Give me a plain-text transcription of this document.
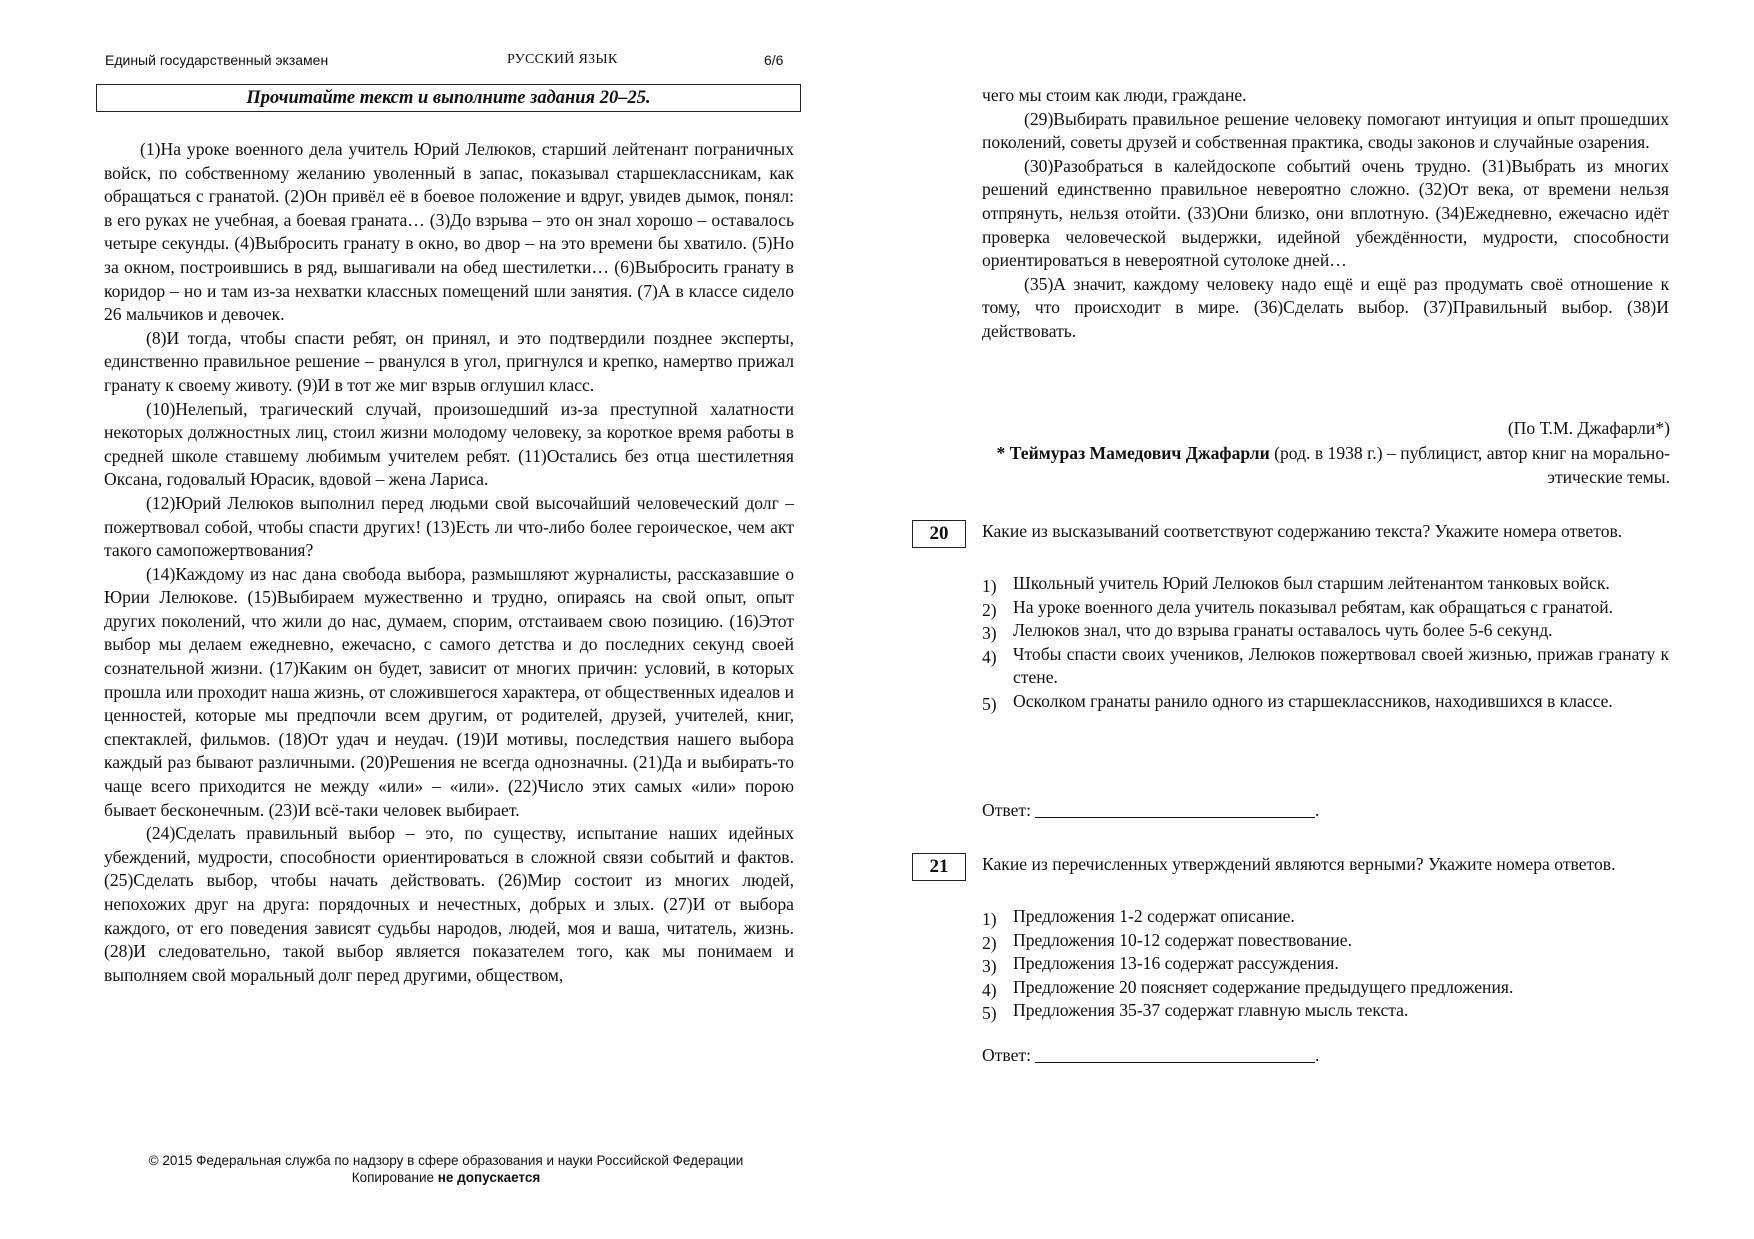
Единый государственный экзамен	РУССКИЙ ЯЗЫК	6/6
Прочитайте текст и выполните задания 20–25.

(1)На уроке военного дела учитель Юрий Лелюков, старший лейтенант пограничных войск, по собственному желанию уволенный в запас, показывал старшеклассникам, как обращаться с гранатой. (2)Он привёл её в боевое положение и вдруг, увидев дымок, понял: в его руках не учебная, а боевая граната… (3)До взрыва – это он знал хорошо – оставалось четыре секунды. (4)Выбросить гранату в окно, во двор – на это времени бы хватило. (5)Но за окном, построившись в ряд, вышагивали на обед шестилетки… (6)Выбросить гранату в коридор – но и там из-за нехватки классных помещений шли занятия. (7)А в классе сидело 26 мальчиков и девочек.

(8)И тогда, чтобы спасти ребят, он принял, и это подтвердили позднее эксперты, единственно правильное решение – рванулся в угол, пригнулся и крепко, намертво прижал гранату к своему животу. (9)И в тот же миг взрыв оглушил класс.

(10)Нелепый, трагический случай, произошедший из-за преступной халатности некоторых должностных лиц, стоил жизни молодому человеку, за короткое время работы в средней школе ставшему любимым учителем ребят. (11)Остались без отца шестилетняя Оксана, годовалый Юрасик, вдовой – жена Лариса.

(12)Юрий Лелюков выполнил перед людьми свой высочайший человеческий долг – пожертвовал собой, чтобы спасти других! (13)Есть ли что-либо более героическое, чем акт такого самопожертвования?

(14)Каждому из нас дана свобода выбора, размышляют журналисты, рассказавшие о Юрии Лелюкове. (15)Выбираем мужественно и трудно, опираясь на свой опыт, опыт других поколений, что жили до нас, думаем, спорим, отстаиваем свою позицию. (16)Этот выбор мы делаем ежедневно, ежечасно, с самого детства и до последних секунд своей сознательной жизни. (17)Каким он будет, зависит от многих причин: условий, в которых прошла или проходит наша жизнь, от сложившегося характера, от общественных идеалов и ценностей, которые мы предпочли всем другим, от родителей, друзей, учителей, книг, спектаклей, фильмов. (18)От удач и неудач. (19)И мотивы, последствия нашего выбора каждый раз бывают различными. (20)Решения не всегда однозначны. (21)Да и выбирать-то чаще всего приходится не между «или» – «или». (22)Число этих самых «или» порою бывает бесконечным. (23)И всё-таки человек выбирает.

(24)Сделать правильный выбор – это, по существу, испытание наших идейных убеждений, мудрости, способности ориентироваться в сложной связи событий и фактов. (25)Сделать выбор, чтобы начать действовать. (26)Мир состоит из многих людей, непохожих друг на друга: порядочных и нечестных, добрых и злых. (27)И от выбора каждого, от его поведения зависят судьбы народов, людей, моя и ваша, читатель, жизнь. (28)И следовательно, такой выбор является показателем того, как мы понимаем и выполняем свой моральный долг перед другими, обществом,

чего мы стоим как люди, граждане.

(29)Выбирать правильное решение человеку помогают интуиция и опыт прошедших поколений, советы друзей и собственная практика, своды законов и случайные озарения.

(30)Разобраться в калейдоскопе событий очень трудно. (31)Выбрать из многих решений единственно правильное невероятно сложно. (32)От века, от времени нельзя отпрянуть, нельзя отойти. (33)Они близко, они вплотную. (34)Ежедневно, ежечасно идёт проверка человеческой выдержки, идейной убеждённости, мудрости, способности ориентироваться в невероятной сутолоке дней…

(35)А значит, каждому человеку надо ещё и ещё раз продумать своё отношение к тому, что происходит в мире. (36)Сделать выбор. (37)Правильный выбор. (38)И действовать.

(По Т.М. Джафарли*)
* Теймураз Мамедович Джафарли (род. в 1938 г.) – публицист, автор книг на морально-этические темы.
20	Какие из высказываний соответствуют содержанию текста? Укажите номера ответов.
1) Школьный учитель Юрий Лелюков был старшим лейтенантом танковых войск.
2) На уроке военного дела учитель показывал ребятам, как обращаться с гранатой.
3) Лелюков знал, что до взрыва гранаты оставалось чуть более 5-6 секунд.
4) Чтобы спасти своих учеников, Лелюков пожертвовал своей жизнью, прижав гранату к стене.
5) Осколком гранаты ранило одного из старшеклассников, находившихся в классе.
Ответ:	.
21	Какие из перечисленных утверждений являются верными? Укажите номера ответов.
1) Предложения 1-2 содержат описание.
2) Предложения 10-12 содержат повествование.
3) Предложения 13-16 содержат рассуждения.
4) Предложение 20 поясняет содержание предыдущего предложения.
5) Предложения 35-37 содержат главную мысль текста.
Ответ:	.
© 2015 Федеральная служба по надзору в сфере образования и науки Российской Федерации
Копирование не допускается
